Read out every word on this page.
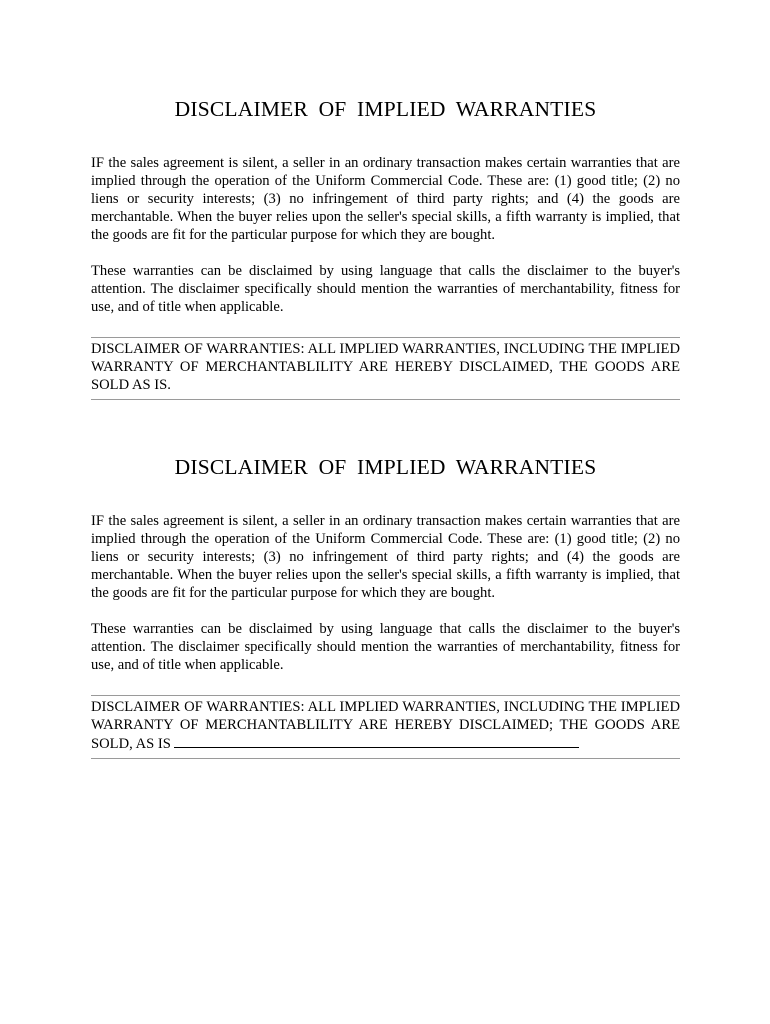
DISCLAIMER OF IMPLIED WARRANTIES

IF the sales agreement is silent, a seller in an ordinary transaction makes certain warranties that are implied through the operation of the Uniform Commercial Code. These are: (1) good title; (2) no liens or security interests; (3) no infringement of third party rights; and (4) the goods are merchantable. When the buyer relies upon the seller's special skills, a fifth warranty is implied, that the goods are fit for the particular purpose for which they are bought.

These warranties can be disclaimed by using language that calls the disclaimer to the buyer's attention. The disclaimer specifically should mention the warranties of merchantability, fitness for use, and of title when applicable.

DISCLAIMER OF WARRANTIES: ALL IMPLIED WARRANTIES, INCLUDING THE IMPLIED WARRANTY OF MERCHANTABLILITY ARE HEREBY DISCLAIMED, THE GOODS ARE SOLD AS IS.

DISCLAIMER OF IMPLIED WARRANTIES

IF the sales agreement is silent, a seller in an ordinary transaction makes certain warranties that are implied through the operation of the Uniform Commercial Code. These are: (1) good title; (2) no liens or security interests; (3) no infringement of third party rights; and (4) the goods are merchantable. When the buyer relies upon the seller's special skills, a fifth warranty is implied, that the goods are fit for the particular purpose for which they are bought.

These warranties can be disclaimed by using language that calls the disclaimer to the buyer's attention. The disclaimer specifically should mention the warranties of merchantability, fitness for use, and of title when applicable.

DISCLAIMER OF WARRANTIES: ALL IMPLIED WARRANTIES, INCLUDING THE IMPLIED WARRANTY OF MERCHANTABLILITY ARE HEREBY DISCLAIMED; THE GOODS ARE SOLD, AS IS
